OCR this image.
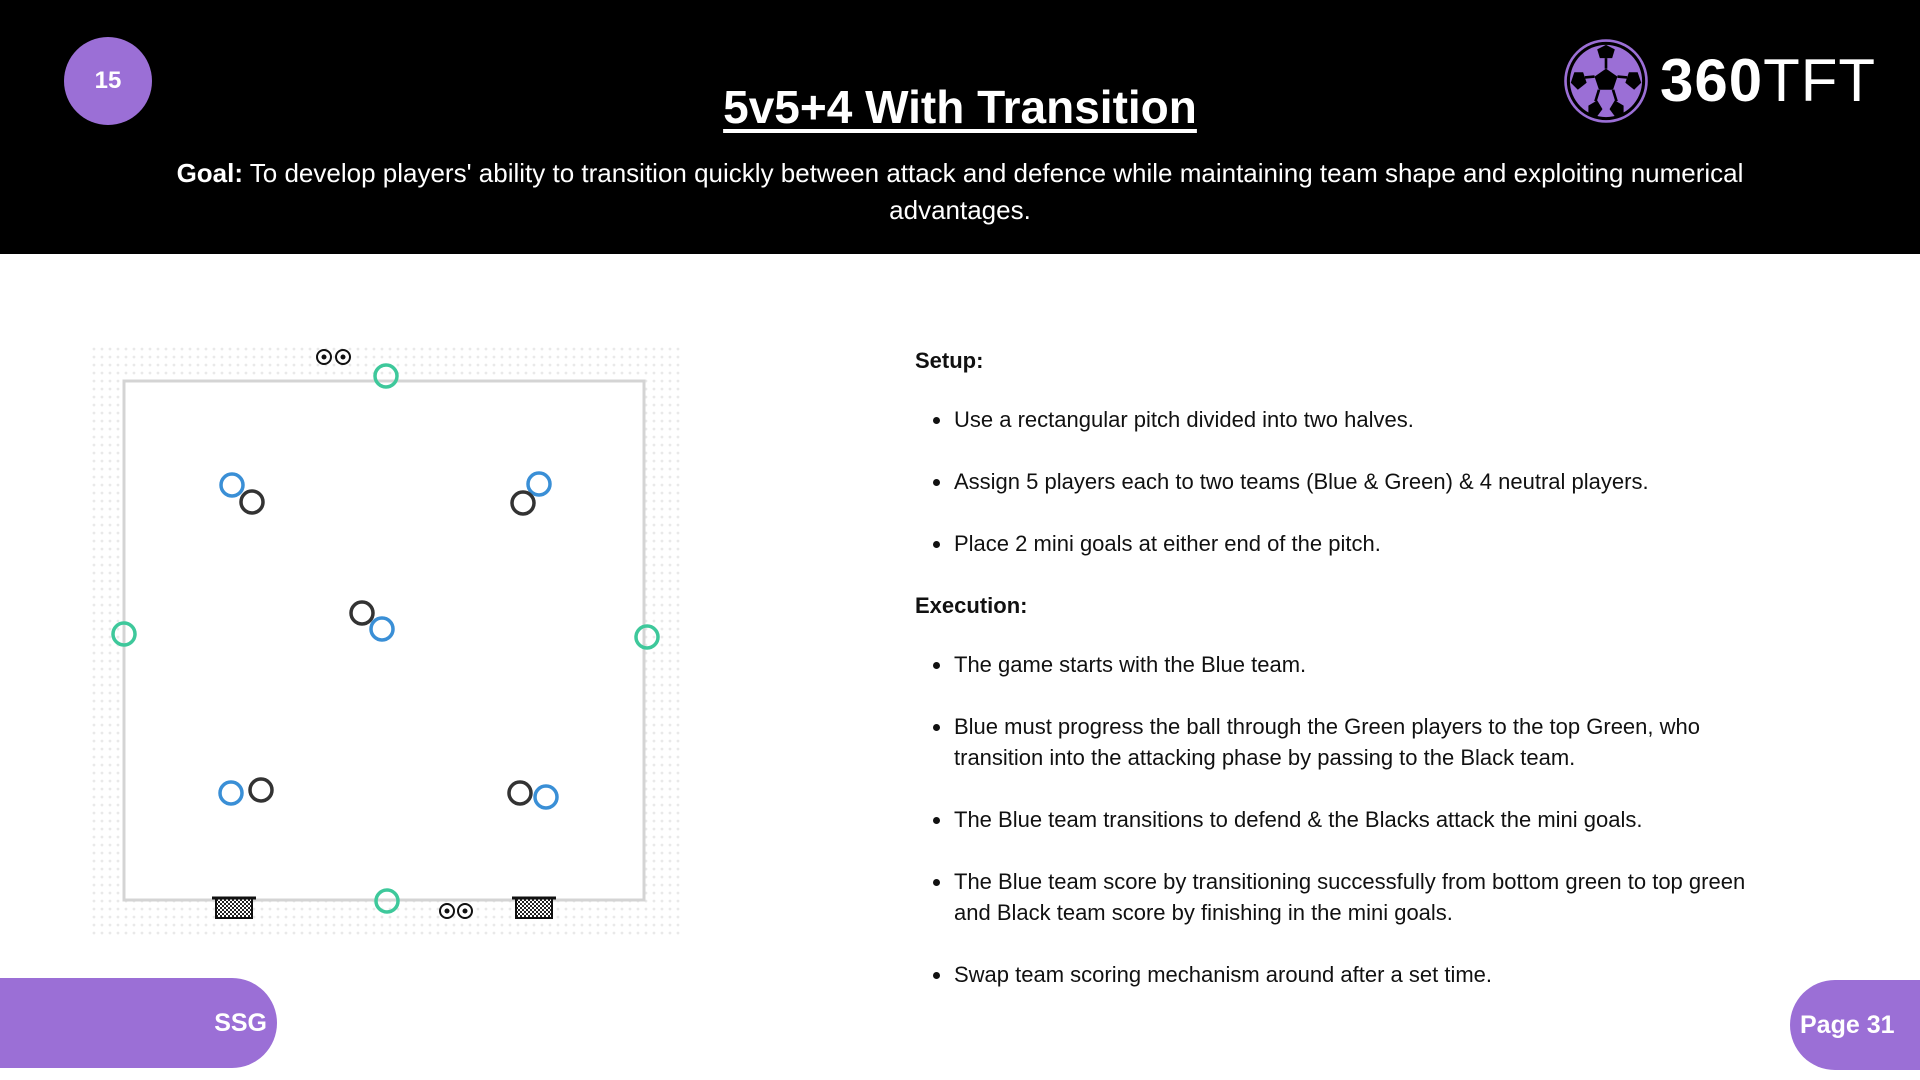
15
5v5+4 With Transition
Goal: To develop players' ability to transition quickly between attack and defence while maintaining team shape and exploiting numerical advantages.
360TFT
Setup:
Use a rectangular pitch divided into two halves.
Assign 5 players each to two teams (Blue & Green) & 4 neutral players.
Place 2 mini goals at either end of the pitch.
Execution:
The game starts with the Blue team.
Blue must progress the ball through the Green players to the top Green, who transition into the attacking phase by passing to the Black team.
The Blue team transitions to defend & the Blacks attack the mini goals.
The Blue team score by transitioning successfully from bottom green to top green and Black team score by finishing in the mini goals.
Swap team scoring mechanism around after a set time.
SSG	Page 31
